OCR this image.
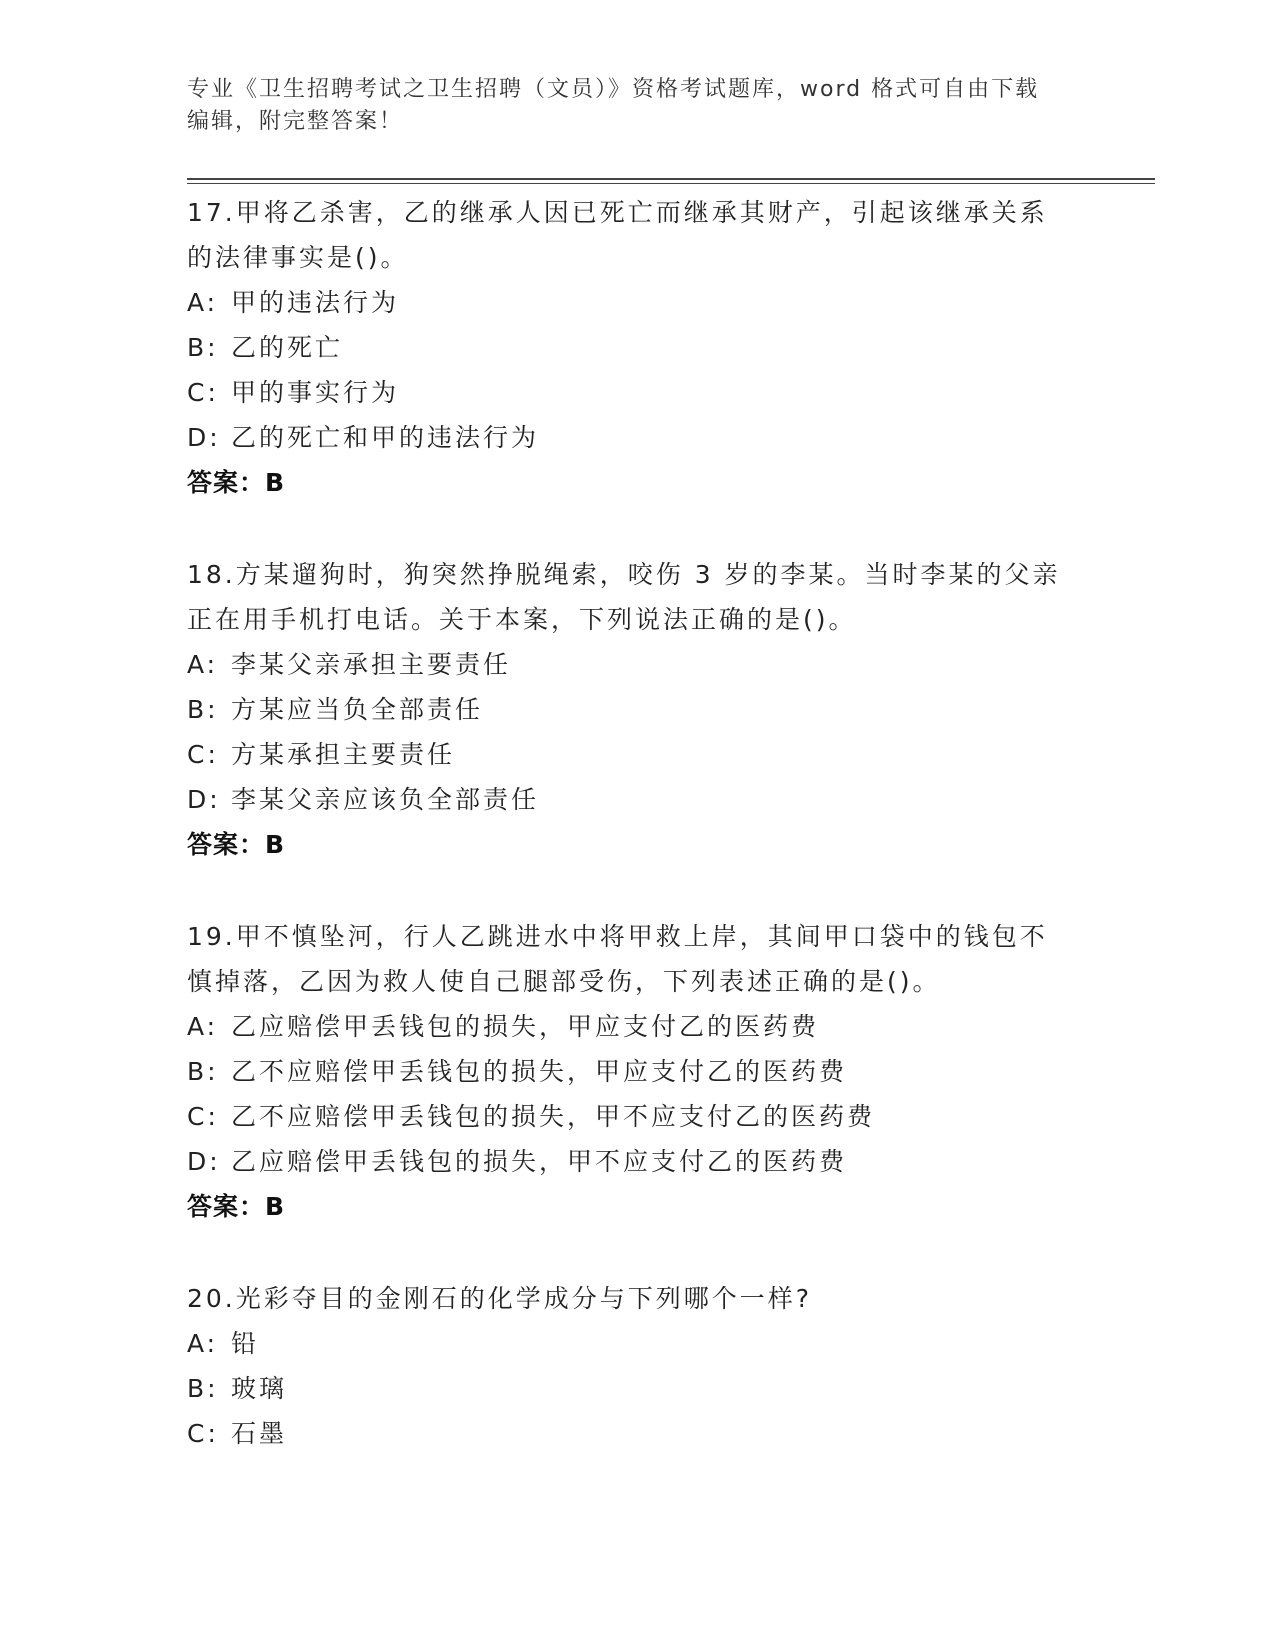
专业《卫生招聘考试之卫生招聘（文员）》资格考试题库，word 格式可自由下载
编辑，附完整答案！
17.甲将乙杀害，乙的继承人因已死亡而继承其财产，引起该继承关系
的法律事实是()。
A: 甲的违法行为
B: 乙的死亡
C: 甲的事实行为
D: 乙的死亡和甲的违法行为
答案：B
18.方某遛狗时，狗突然挣脱绳索，咬伤 3 岁的李某。当时李某的父亲
正在用手机打电话。关于本案，下列说法正确的是()。
A: 李某父亲承担主要责任
B: 方某应当负全部责任
C: 方某承担主要责任
D: 李某父亲应该负全部责任
答案：B
19.甲不慎坠河，行人乙跳进水中将甲救上岸，其间甲口袋中的钱包不
慎掉落，乙因为救人使自己腿部受伤，下列表述正确的是()。
A: 乙应赔偿甲丢钱包的损失，甲应支付乙的医药费
B: 乙不应赔偿甲丢钱包的损失，甲应支付乙的医药费
C: 乙不应赔偿甲丢钱包的损失，甲不应支付乙的医药费
D: 乙应赔偿甲丢钱包的损失，甲不应支付乙的医药费
答案：B
20.光彩夺目的金刚石的化学成分与下列哪个一样?
A: 铅
B: 玻璃
C: 石墨
